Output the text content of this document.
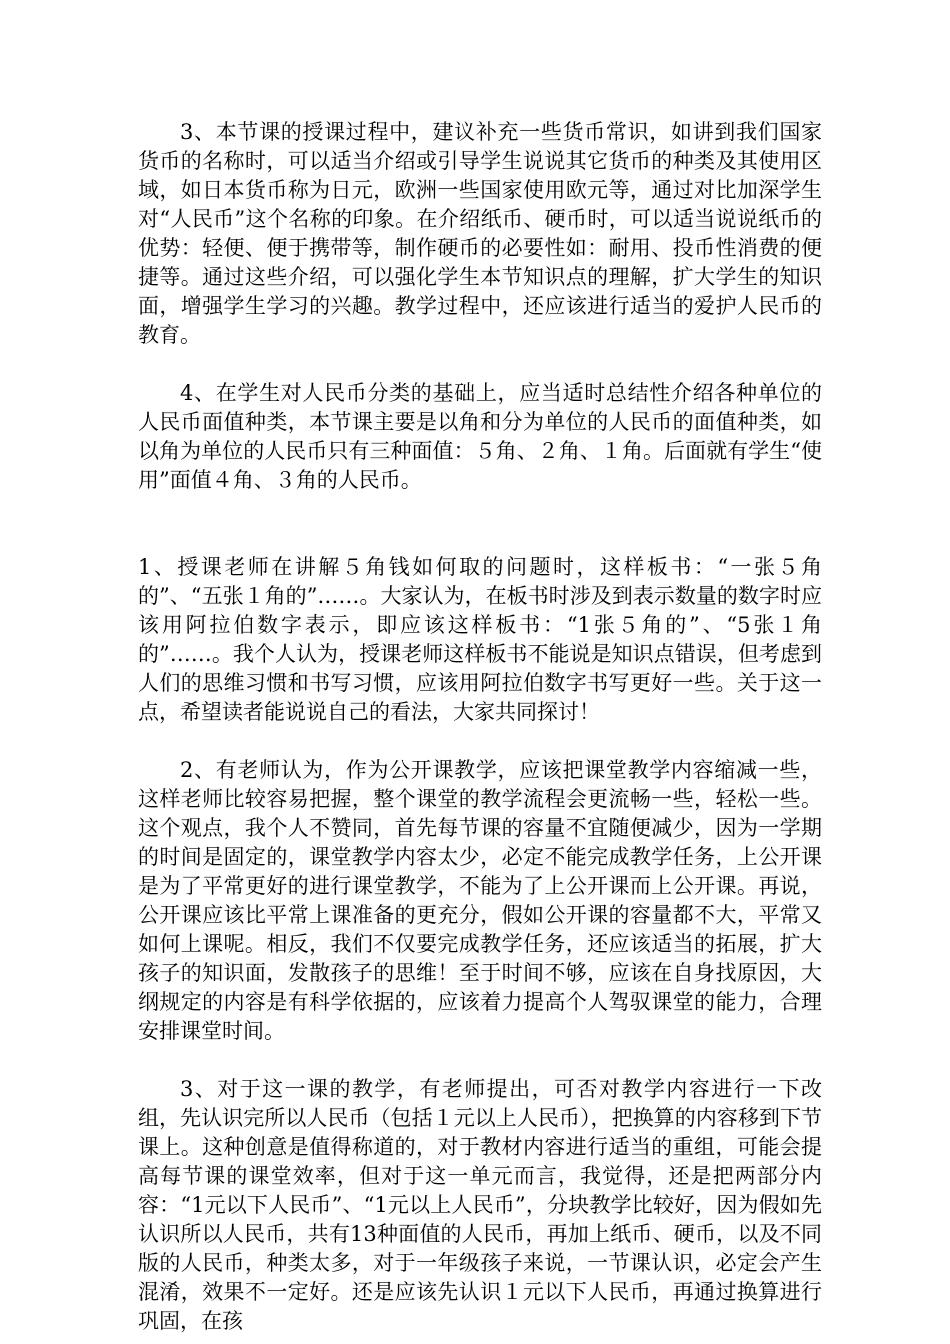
3、本节课的授课过程中，建议补充一些货币常识，如讲到我们国家货币的名称时，可以适当介绍或引导学生说说其它货币的种类及其使用区域，如日本货币称为日元，欧洲一些国家使用欧元等，通过对比加深学生对“人民币”这个名称的印象。在介绍纸币、硬币时，可以适当说说纸币的优势：轻便、便于携带等，制作硬币的必要性如：耐用、投币性消费的便捷等。通过这些介绍，可以强化学生本节知识点的理解，扩大学生的知识面，增强学生学习的兴趣。教学过程中，还应该进行适当的爱护人民币的教育。

4、在学生对人民币分类的基础上，应当适时总结性介绍各种单位的人民币面值种类，本节课主要是以角和分为单位的人民币的面值种类，如以角为单位的人民币只有三种面值：５角、２角、１角。后面就有学生“使用”面值４角、３角的人民币。

1、授课老师在讲解５角钱如何取的问题时，这样板书：“一张５角的”、“五张１角的”……。大家认为，在板书时涉及到表示数量的数字时应该用阿拉伯数字表示，即应该这样板书：“1张５角的”、“5张１角的”……。我个人认为，授课老师这样板书不能说是知识点错误，但考虑到人们的思维习惯和书写习惯，应该用阿拉伯数字书写更好一些。关于这一点，希望读者能说说自己的看法，大家共同探讨！

2、有老师认为，作为公开课教学，应该把课堂教学内容缩减一些，这样老师比较容易把握，整个课堂的教学流程会更流畅一些，轻松一些。这个观点，我个人不赞同，首先每节课的容量不宜随便减少，因为一学期的时间是固定的，课堂教学内容太少，必定不能完成教学任务，上公开课是为了平常更好的进行课堂教学，不能为了上公开课而上公开课。再说，公开课应该比平常上课准备的更充分，假如公开课的容量都不大，平常又如何上课呢。相反，我们不仅要完成教学任务，还应该适当的拓展，扩大孩子的知识面，发散孩子的思维！至于时间不够，应该在自身找原因，大纲规定的内容是有科学依据的，应该着力提高个人驾驭课堂的能力，合理安排课堂时间。

3、对于这一课的教学，有老师提出，可否对教学内容进行一下改组，先认识完所以人民币（包括１元以上人民币），把换算的内容移到下节课上。这种创意是值得称道的，对于教材内容进行适当的重组，可能会提高每节课的课堂效率，但对于这一单元而言，我觉得，还是把两部分内容：“1元以下人民币”、“1元以上人民币”，分块教学比较好，因为假如先认识所以人民币，共有13种面值的人民币，再加上纸币、硬币，以及不同版的人民币，种类太多，对于一年级孩子来说，一节课认识，必定会产生混淆，效果不一定好。还是应该先认识１元以下人民币，再通过换算进行巩固，在孩
